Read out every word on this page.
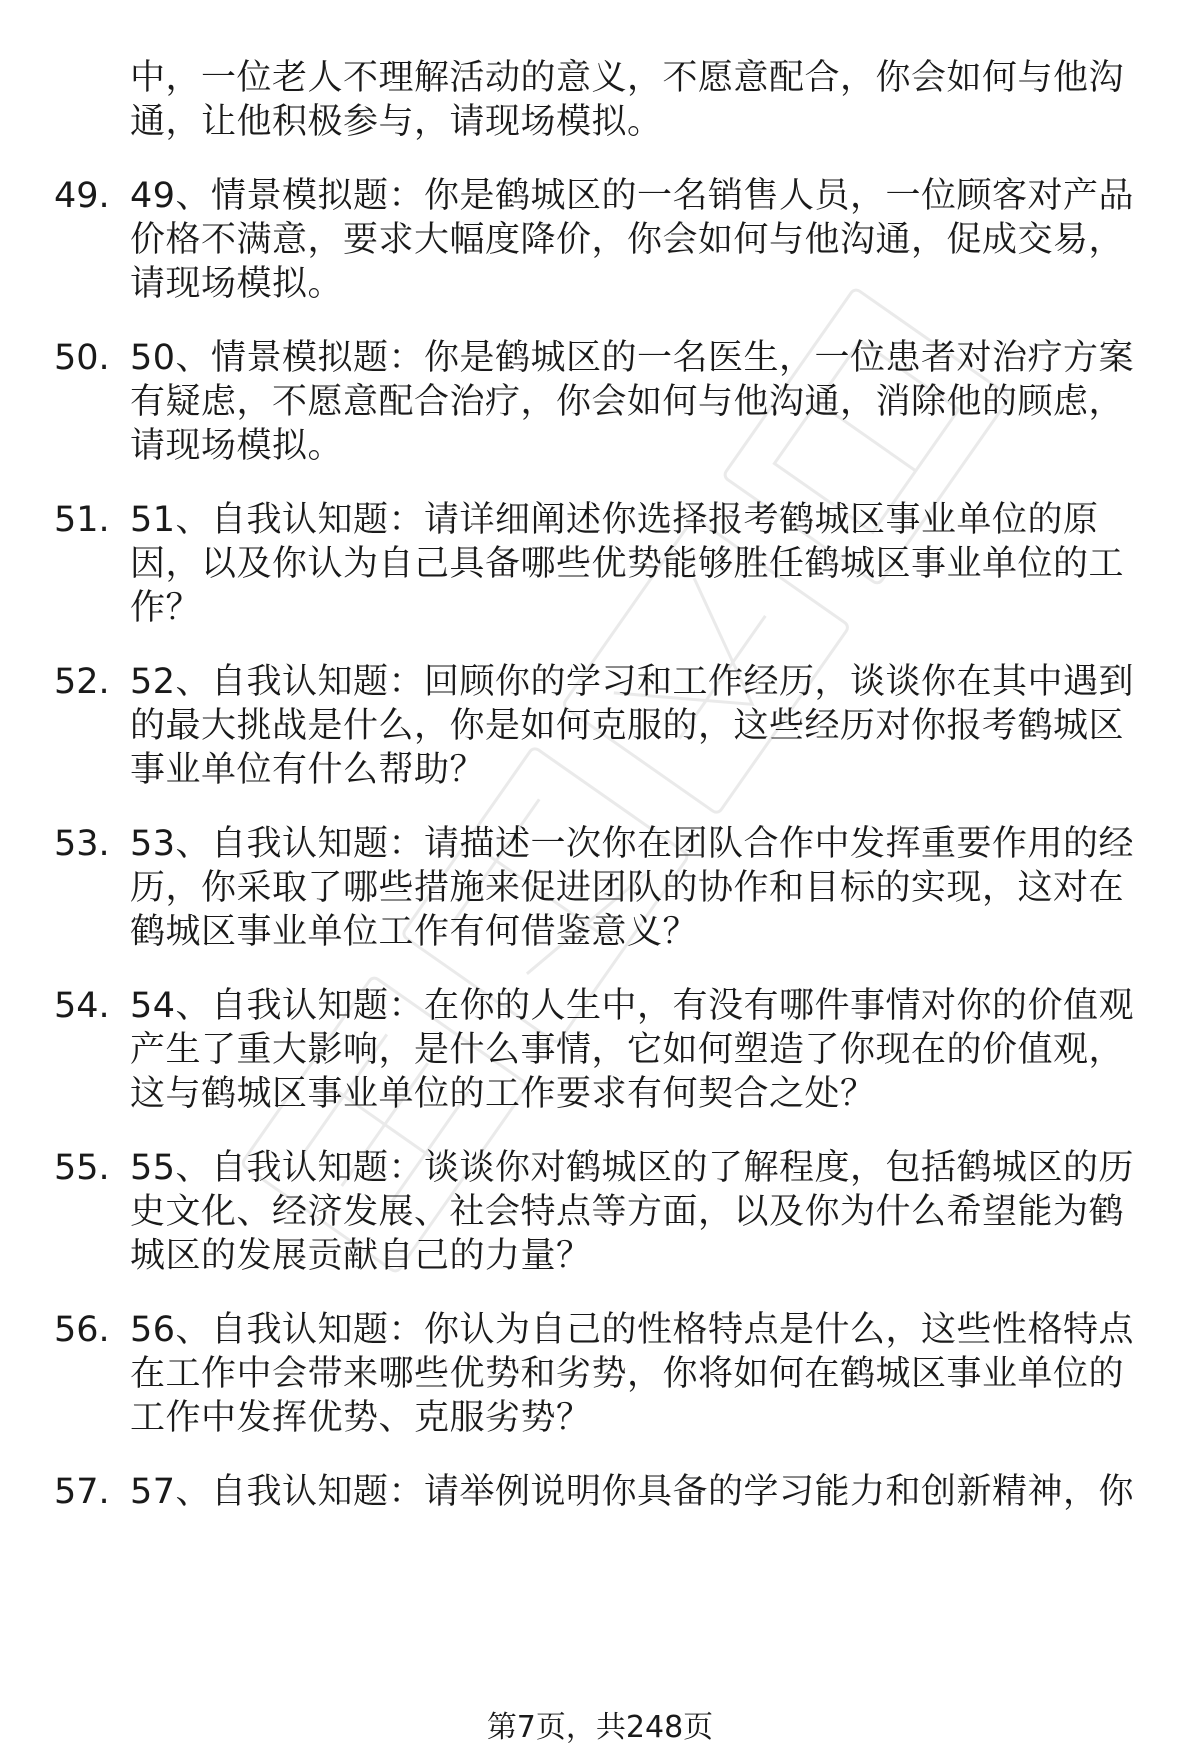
中，一位老人不理解活动的意义，不愿意配合，你会如何与他沟
通，让他积极参与，请现场模拟。
49. 49、情景模拟题：你是鹤城区的一名销售人员，一位顾客对产品
价格不满意，要求大幅度降价，你会如何与他沟通，促成交易，
请现场模拟。
50. 50、情景模拟题：你是鹤城区的一名医生，一位患者对治疗方案
有疑虑，不愿意配合治疗，你会如何与他沟通，消除他的顾虑，
请现场模拟。
51. 51、自我认知题：请详细阐述你选择报考鹤城区事业单位的原
因，以及你认为自己具备哪些优势能够胜任鹤城区事业单位的工
作？
52. 52、自我认知题：回顾你的学习和工作经历，谈谈你在其中遇到
的最大挑战是什么，你是如何克服的，这些经历对你报考鹤城区
事业单位有什么帮助？
53. 53、自我认知题：请描述一次你在团队合作中发挥重要作用的经
历，你采取了哪些措施来促进团队的协作和目标的实现，这对在
鹤城区事业单位工作有何借鉴意义？
54. 54、自我认知题：在你的人生中，有没有哪件事情对你的价值观
产生了重大影响，是什么事情，它如何塑造了你现在的价值观，
这与鹤城区事业单位的工作要求有何契合之处？
55. 55、自我认知题：谈谈你对鹤城区的了解程度，包括鹤城区的历
史文化、经济发展、社会特点等方面，以及你为什么希望能为鹤
城区的发展贡献自己的力量？
56. 56、自我认知题：你认为自己的性格特点是什么，这些性格特点
在工作中会带来哪些优势和劣势，你将如何在鹤城区事业单位的
工作中发挥优势、克服劣势？
57. 57、自我认知题：请举例说明你具备的学习能力和创新精神，你
第7页，共248页
